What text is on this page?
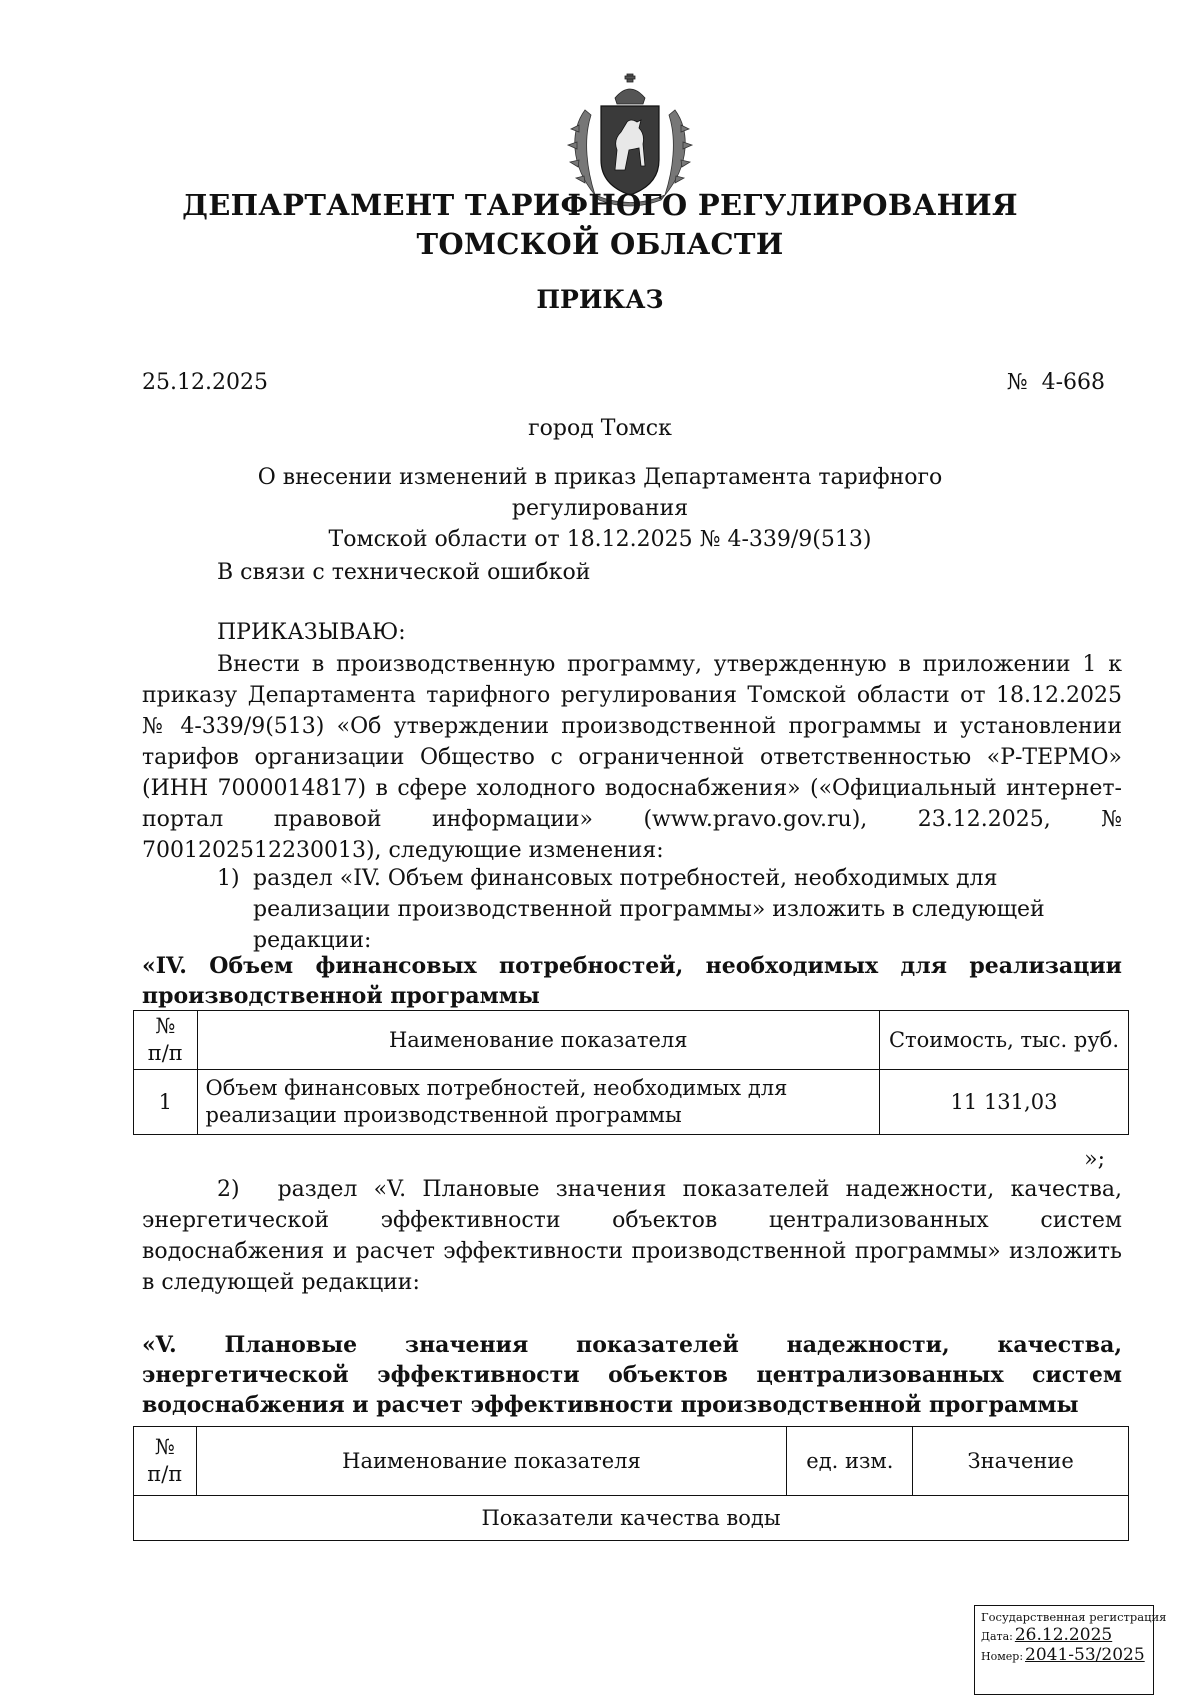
ДЕПАРТАМЕНТ ТАРИФНОГО РЕГУЛИРОВАНИЯ
ТОМСКОЙ ОБЛАСТИ
ПРИКАЗ
25.12.2025	№  4-668
город Томск
О внесении изменений в приказ Департамента тарифного регулирования
Томской области от 18.12.2025 № 4-339/9(513)
В связи с технической ошибкой
ПРИКАЗЫВАЮ:
Внести в производственную программу, утвержденную в приложении 1 к приказу Департамента тарифного регулирования Томской области от 18.12.2025 № 4-339/9(513) «Об утверждении производственной программы и установлении тарифов организации Общество с ограниченной ответственностью «Р-ТЕРМО» (ИНН 7000014817) в сфере холодного водоснабжения» («Официальный интернет-портал правовой информации» (www.pravo.gov.ru), 23.12.2025, № 7001202512230013), следующие изменения:
1) раздел «IV. Объем финансовых потребностей, необходимых для реализации производственной программы» изложить в следующей редакции:
«IV. Объем финансовых потребностей, необходимых для реализации производственной программы
№
п/п	Наименование показателя	Стоимость, тыс. руб.
1	Объем финансовых потребностей, необходимых для реализации производственной программы	11 131,03
»;
2) раздел «V. Плановые значения показателей надежности, качества, энергетической эффективности объектов централизованных систем водоснабжения и расчет эффективности производственной программы» изложить в следующей редакции:
«V. Плановые значения показателей надежности, качества, энергетической эффективности объектов централизованных систем водоснабжения и расчет эффективности производственной программы
№
п/п	Наименование показателя	ед. изм.	Значение
Показатели качества воды
Государственная регистрация
Дата: 26.12.2025
Номер: 2041-53/2025
